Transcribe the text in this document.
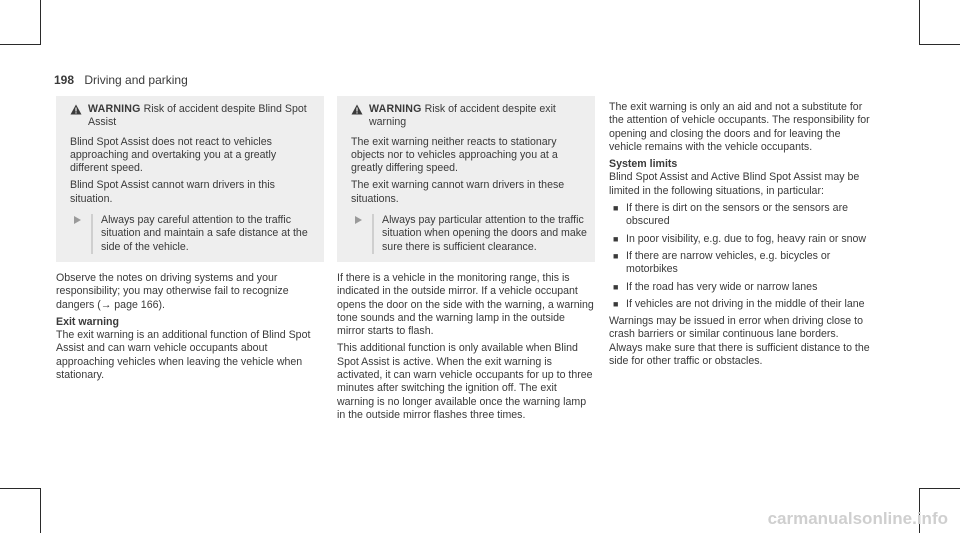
198 Driving and parking
WARNING Risk of accident despite Blind Spot Assist

Blind Spot Assist does not react to vehicles approaching and overtaking you at a greatly different speed.

Blind Spot Assist cannot warn drivers in this situation.

Always pay careful attention to the traffic situation and maintain a safe distance at the side of the vehicle.

Observe the notes on driving systems and your responsibility; you may otherwise fail to recognize dangers (→ page 166).

Exit warning

The exit warning is an additional function of Blind Spot Assist and can warn vehicle occupants about approaching vehicles when leaving the vehicle when stationary.

WARNING Risk of accident despite exit warning

The exit warning neither reacts to stationary objects nor to vehicles approaching you at a greatly differing speed.

The exit warning cannot warn drivers in these situations.

Always pay particular attention to the traffic situation when opening the doors and make sure there is sufficient clearance.

If there is a vehicle in the monitoring range, this is indicated in the outside mirror. If a vehicle occupant opens the door on the side with the warning, a warning tone sounds and the warning lamp in the outside mirror starts to flash.

This additional function is only available when Blind Spot Assist is active. When the exit warning is activated, it can warn vehicle occupants for up to three minutes after switching the ignition off. The exit warning is no longer available once the warning lamp in the outside mirror flashes three times.

The exit warning is only an aid and not a substitute for the attention of vehicle occupants. The responsibility for opening and closing the doors and for leaving the vehicle remains with the vehicle occupants.

System limits

Blind Spot Assist and Active Blind Spot Assist may be limited in the following situations, in particular:

■ If there is dirt on the sensors or the sensors are obscured
■ In poor visibility, e.g. due to fog, heavy rain or snow
■ If there are narrow vehicles, e.g. bicycles or motorbikes
■ If the road has very wide or narrow lanes
■ If vehicles are not driving in the middle of their lane

Warnings may be issued in error when driving close to crash barriers or similar continuous lane borders. Always make sure that there is sufficient distance to the side for other traffic or obstacles.

carmanualsonline.info
